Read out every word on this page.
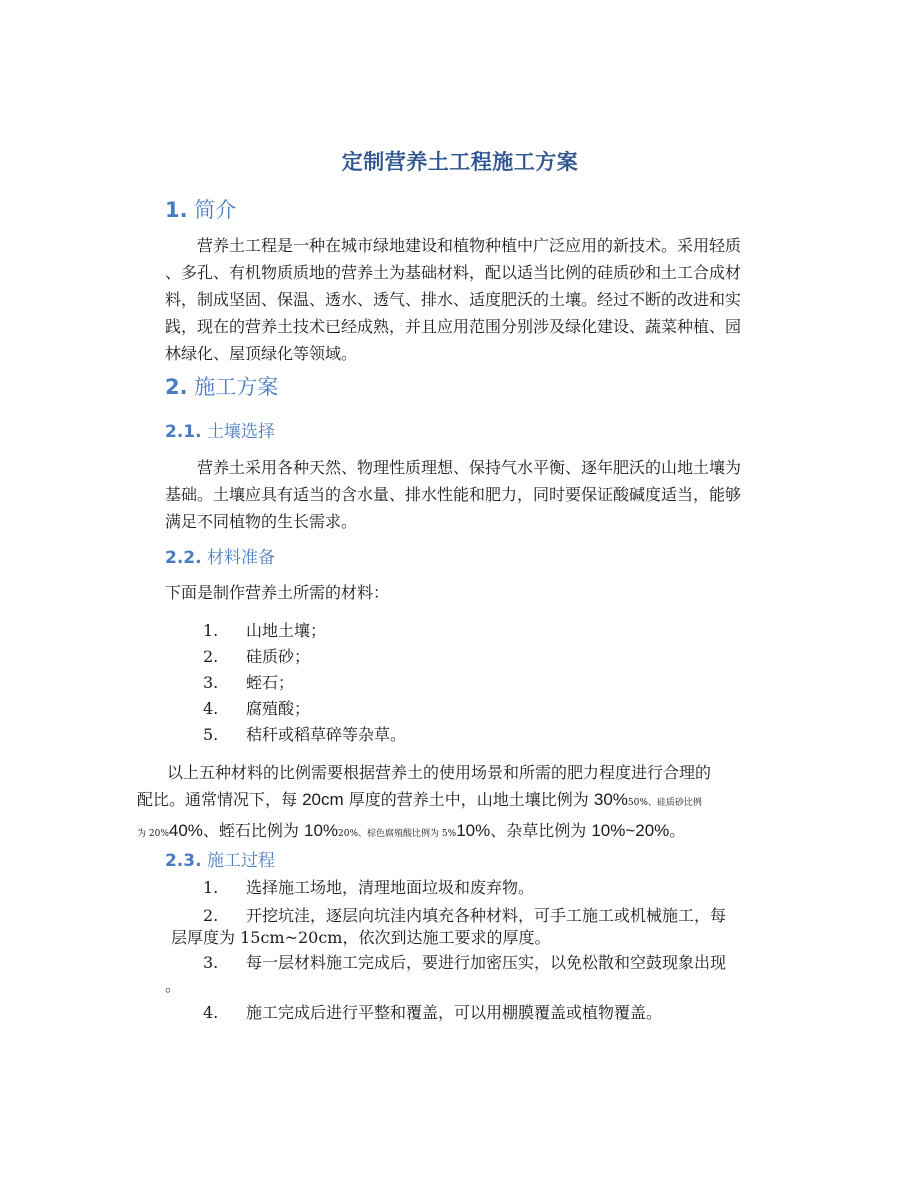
定制营养土工程施工方案
1. 简介
营养土工程是一种在城市绿地建设和植物种植中广泛应用的新技术。采用轻质
、多孔、有机物质质地的营养土为基础材料，配以适当比例的硅质砂和土工合成材
料，制成坚固、保温、透水、透气、排水、适度肥沃的土壤。经过不断的改进和实
践，现在的营养土技术已经成熟，并且应用范围分别涉及绿化建设、蔬菜种植、园
林绿化、屋顶绿化等领域。
2. 施工方案
2.1. 土壤选择
营养土采用各种天然、物理性质理想、保持气水平衡、逐年肥沃的山地土壤为
基础。土壤应具有适当的含水量、排水性能和肥力，同时要保证酸碱度适当，能够
满足不同植物的生长需求。
2.2. 材料准备
下面是制作营养土所需的材料：
1.	山地土壤；
2.	硅质砂；
3.	蛭石；
4.	腐殖酸；
5.	秸秆或稻草碎等杂草。
以上五种材料的比例需要根据营养土的使用场景和所需的肥力程度进行合理的
配比。通常情况下，每 20cm 厚度的营养土中，山地土壤比例为 30%50%、硅质砂比例
为 20%40%、蛭石比例为 10%20%、棕色腐殖酸比例为 5%10%、杂草比例为 10%~20%。
2.3. 施工过程
1.	选择施工场地，清理地面垃圾和废弃物。
2.	开挖坑洼，逐层向坑洼内填充各种材料，可手工施工或机械施工，每
层厚度为 15cm~20cm，依次到达施工要求的厚度。
3.	每一层材料施工完成后，要进行加密压实，以免松散和空鼓现象出现
。
4.	施工完成后进行平整和覆盖，可以用棚膜覆盖或植物覆盖。
